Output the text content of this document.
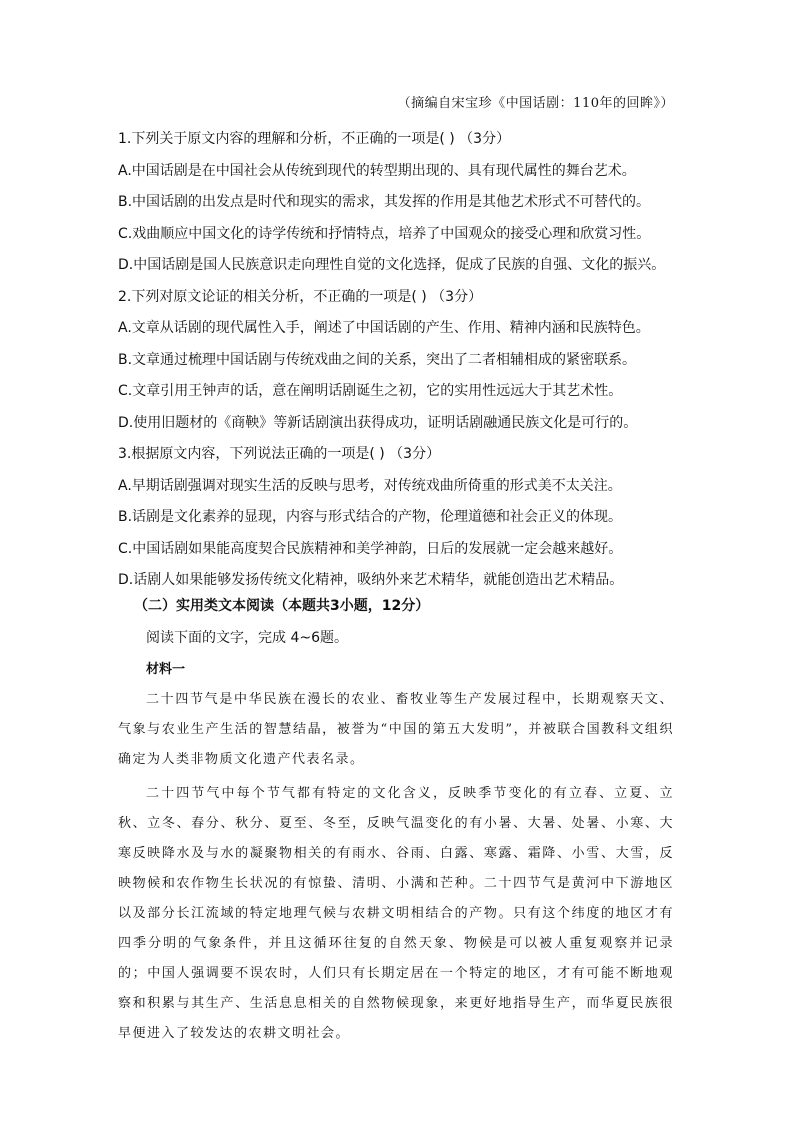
（摘编自宋宝珍《中国话剧：110年的回眸》）
1.下列关于原文内容的理解和分析，不正确的一项是( ) （3分）
A.中国话剧是在中国社会从传统到现代的转型期出现的、具有现代属性的舞台艺术。
B.中国话剧的出发点是时代和现实的需求，其发挥的作用是其他艺术形式不可替代的。
C.戏曲顺应中国文化的诗学传统和抒情特点，培养了中国观众的接受心理和欣赏习性。
D.中国话剧是国人民族意识走向理性自觉的文化选择，促成了民族的自强、文化的振兴。
2.下列对原文论证的相关分析，不正确的一项是( ) （3分）
A.文章从话剧的现代属性入手，阐述了中国话剧的产生、作用、精神内涵和民族特色。
B.文章通过梳理中国话剧与传统戏曲之间的关系，突出了二者相辅相成的紧密联系。
C.文章引用王钟声的话，意在阐明话剧诞生之初，它的实用性远远大于其艺术性。
D.使用旧题材的《商鞅》等新话剧演出获得成功，证明话剧融通民族文化是可行的。
3.根据原文内容，下列说法正确的一项是( ) （3分）
A.早期话剧强调对现实生活的反映与思考，对传统戏曲所倚重的形式美不太关注。
B.话剧是文化素养的显现，内容与形式结合的产物，伦理道德和社会正义的体现。
C.中国话剧如果能高度契合民族精神和美学神韵，日后的发展就一定会越来越好。
D.话剧人如果能够发扬传统文化精神，吸纳外来艺术精华，就能创造出艺术精品。
（二）实用类文本阅读（本题共3小题，12分）
阅读下面的文字，完成 4~6题。
材料一

二十四节气是中华民族在漫长的农业、畜牧业等生产发展过程中，长期观察天文、气象与农业生产生活的智慧结晶，被誉为“中国的第五大发明”，并被联合国教科文组织确定为人类非物质文化遗产代表名录。

二十四节气中每个节气都有特定的文化含义，反映季节变化的有立春、立夏、立秋、立冬、春分、秋分、夏至、冬至，反映气温变化的有小暑、大暑、处暑、小寒、大寒反映降水及与水的凝聚物相关的有雨水、谷雨、白露、寒露、霜降、小雪、大雪，反映物候和农作物生长状况的有惊蛰、清明、小满和芒种。二十四节气是黄河中下游地区以及部分长江流域的特定地理气候与农耕文明相结合的产物。只有这个纬度的地区才有四季分明的气象条件，并且这循环往复的自然天象、物候是可以被人重复观察并记录的；中国人强调要不误农时，人们只有长期定居在一个特定的地区，才有可能不断地观察和积累与其生产、生活息息相关的自然物候现象，来更好地指导生产，而华夏民族很早便进入了较发达的农耕文明社会。
